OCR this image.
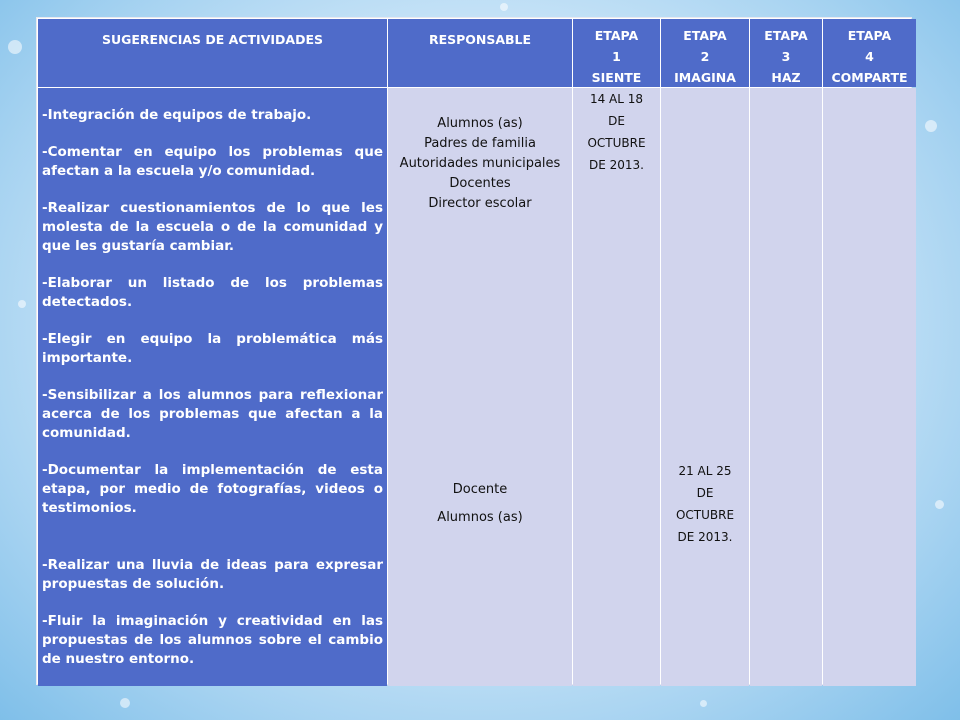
SUGERENCIAS DE ACTIVIDADES	RESPONSABLE	ETAPA
1
SIENTE
ETAPA
2
IMAGINA
ETAPA
3
HAZ
ETAPA
4
COMPARTE

-Integración de equipos de trabajo.

-Comentar en equipo los problemas que afectan a la escuela y/o comunidad.

-Realizar cuestionamientos de lo que les molesta de la escuela o de la comunidad y que les gustaría cambiar.

-Elaborar un listado de los problemas detectados.

-Elegir en equipo la problemática más importante.

-Sensibilizar a los alumnos para reflexionar acerca de los problemas que afectan a la comunidad.

-Documentar la implementación de esta etapa, por medio de fotografías, videos o testimonios.

-Realizar una lluvia de ideas para expresar propuestas de solución.

-Fluir la imaginación y creatividad en las propuestas de los alumnos sobre el cambio de nuestro entorno.

Alumnos (as)
Padres de familia
Autoridades municipales
Docentes
Director escolar
Docente
Alumnos (as)
14 AL 18
DE
OCTUBRE
DE 2013.
21 AL 25
DE
OCTUBRE
DE 2013.
